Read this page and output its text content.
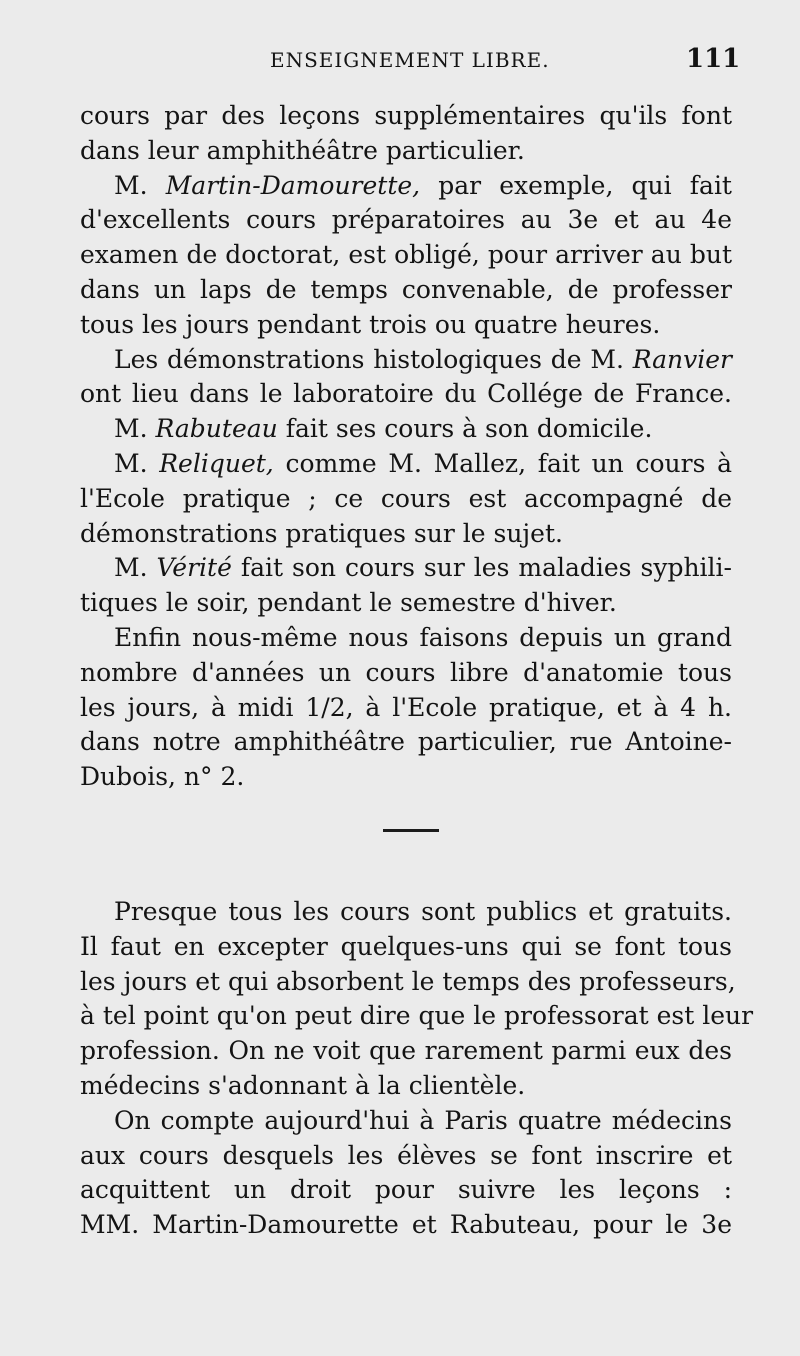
ENSEIGNEMENT LIBRE.	111
cours par des leçons supplémentaires qu'ils font
dans leur amphithéâtre particulier.
M. Martin-Damourette, par exemple, qui fait
d'excellents cours préparatoires au 3e et au 4e
examen de doctorat, est obligé, pour arriver au but
dans un laps de temps convenable, de professer
tous les jours pendant trois ou quatre heures.
Les démonstrations histologiques de M. Ranvier
ont lieu dans le laboratoire du Collége de France.
M. Rabuteau fait ses cours à son domicile.
M. Reliquet, comme M. Mallez, fait un cours à
l'Ecole pratique ; ce cours est accompagné de
démonstrations pratiques sur le sujet.
M. Vérité fait son cours sur les maladies syphili-
tiques le soir, pendant le semestre d'hiver.
Enfin nous-même nous faisons depuis un grand
nombre d'années un cours libre d'anatomie tous
les jours, à midi 1/2, à l'Ecole pratique, et à 4 h.
dans notre amphithéâtre particulier, rue Antoine-
Dubois, n° 2.
Presque tous les cours sont publics et gratuits.
Il faut en excepter quelques-uns qui se font tous
les jours et qui absorbent le temps des professeurs,
à tel point qu'on peut dire que le professorat est leur
profession. On ne voit que rarement parmi eux des
médecins s'adonnant à la clientèle.
On compte aujourd'hui à Paris quatre médecins
aux cours desquels les élèves se font inscrire et
acquittent un droit pour suivre les leçons :
MM. Martin-Damourette et Rabuteau, pour le 3e
